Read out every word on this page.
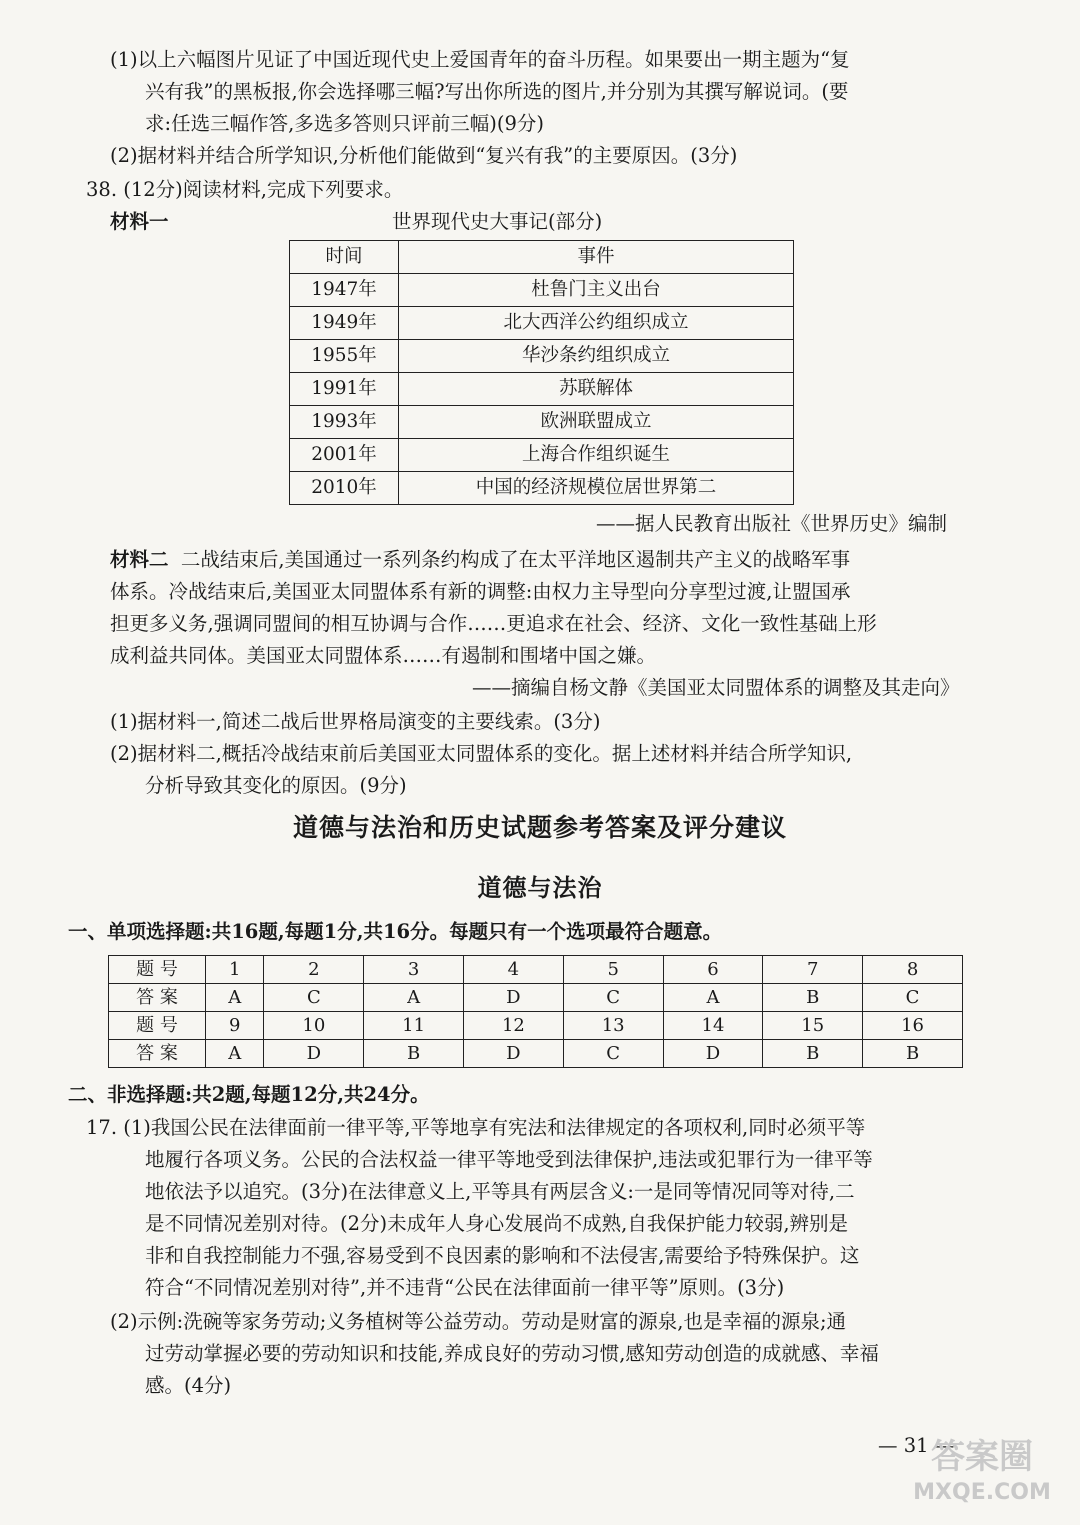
(1)以上六幅图片见证了中国近现代史上爱国青年的奋斗历程。如果要出一期主题为“复
兴有我”的黑板报,你会选择哪三幅?写出你所选的图片,并分别为其撰写解说词。(要
求:任选三幅作答,多选多答则只评前三幅)(9分)
(2)据材料并结合所学知识,分析他们能做到“复兴有我”的主要原因。(3分)
38. (12分)阅读材料,完成下列要求。
材料一	世界现代史大事记(部分)
时间	事件
1947年	杜鲁门主义出台
1949年	北大西洋公约组织成立
1955年	华沙条约组织成立
1991年	苏联解体
1993年	欧洲联盟成立
2001年	上海合作组织诞生
2010年	中国的经济规模位居世界第二
——据人民教育出版社《世界历史》编制
材料二 二战结束后,美国通过一系列条约构成了在太平洋地区遏制共产主义的战略军事
体系。冷战结束后,美国亚太同盟体系有新的调整:由权力主导型向分享型过渡,让盟国承
担更多义务,强调同盟间的相互协调与合作……更追求在社会、经济、文化一致性基础上形
成利益共同体。美国亚太同盟体系……有遏制和围堵中国之嫌。
——摘编自杨文静《美国亚太同盟体系的调整及其走向》
(1)据材料一,简述二战后世界格局演变的主要线索。(3分)
(2)据材料二,概括冷战结束前后美国亚太同盟体系的变化。据上述材料并结合所学知识,
分析导致其变化的原因。(9分)
道德与法治和历史试题参考答案及评分建议
道德与法治
一、单项选择题:共16题,每题1分,共16分。每题只有一个选项最符合题意。
题 号	1	2	3	4	5	6	7	8
答 案	A	C	A	D	C	A	B	C
题 号	9	10	11	12	13	14	15	16
答 案	A	D	B	D	C	D	B	B
二、非选择题:共2题,每题12分,共24分。
17. (1)我国公民在法律面前一律平等,平等地享有宪法和法律规定的各项权利,同时必须平等
地履行各项义务。公民的合法权益一律平等地受到法律保护,违法或犯罪行为一律平等
地依法予以追究。(3分)在法律意义上,平等具有两层含义:一是同等情况同等对待,二
是不同情况差别对待。(2分)未成年人身心发展尚不成熟,自我保护能力较弱,辨别是
非和自我控制能力不强,容易受到不良因素的影响和不法侵害,需要给予特殊保护。这
符合“不同情况差别对待”,并不违背“公民在法律面前一律平等”原则。(3分)
(2)示例:洗碗等家务劳动;义务植树等公益劳动。劳动是财富的源泉,也是幸福的源泉;通
过劳动掌握必要的劳动知识和技能,养成良好的劳动习惯,感知劳动创造的成就感、幸福
感。(4分)
— 31 —
答案圈
MXQE.COM
